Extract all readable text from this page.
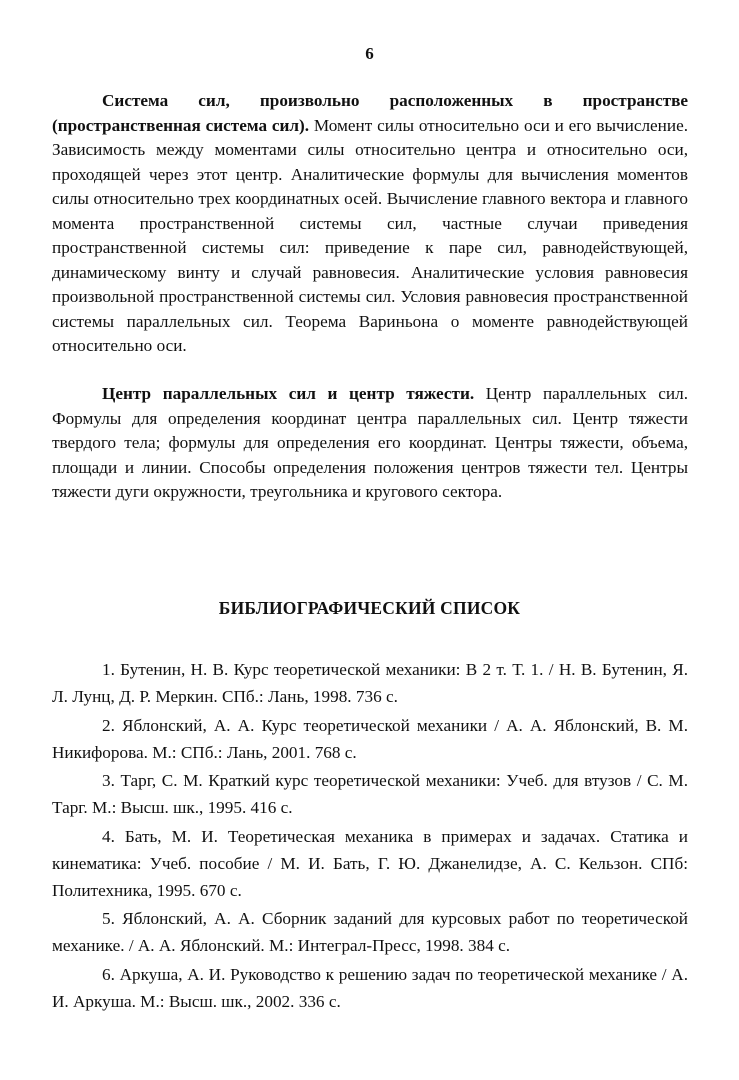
6

Система сил, произвольно расположенных в пространстве (пространственная система сил). Момент силы относительно оси и его вычисление. Зависимость между моментами силы относительно центра и относительно оси, проходящей через этот центр. Аналитические формулы для вычисления моментов силы относительно трех координатных осей. Вычисление главного вектора и главного момента пространственной системы сил, частные случаи приведения пространственной системы сил: приведение к паре сил, равнодействующей, динамическому винту и случай равновесия. Аналитические условия равновесия произвольной пространственной системы сил. Условия равновесия пространственной системы параллельных сил. Теорема Вариньона о моменте равнодействующей относительно оси.

Центр параллельных сил и центр тяжести. Центр параллельных сил. Формулы для определения координат центра параллельных сил. Центр тяжести твердого тела; формулы для определения его координат. Центры тяжести, объема, площади и линии. Способы определения положения центров тяжести тел. Центры тяжести дуги окружности, треугольника и кругового сектора.

БИБЛИОГРАФИЧЕСКИЙ СПИСОК

1. Бутенин, Н. В. Курс теоретической механики: В 2 т. Т. 1. / Н. В. Бутенин, Я. Л. Лунц, Д. Р. Меркин. СПб.: Лань, 1998. 736 с.

2. Яблонский, А. А. Курс теоретической механики / А. А. Яблонский, В. М. Никифорова. М.: СПб.: Лань, 2001. 768 с.

3. Тарг, С. М. Краткий курс теоретической механики: Учеб. для втузов / С. М. Тарг. М.: Высш. шк., 1995. 416 с.

4. Бать, М. И. Теоретическая механика в примерах и задачах. Статика и кинематика: Учеб. пособие / М. И. Бать, Г. Ю. Джанелидзе, А. С. Кельзон. СПб: Политехника, 1995. 670 с.

5. Яблонский, А. А. Сборник заданий для курсовых работ по теоретической механике. / А. А. Яблонский. М.: Интеграл-Пресс, 1998. 384 с.

6. Аркуша, А. И. Руководство к решению задач по теоретической механике / А. И. Аркуша. М.: Высш. шк., 2002. 336 с.
